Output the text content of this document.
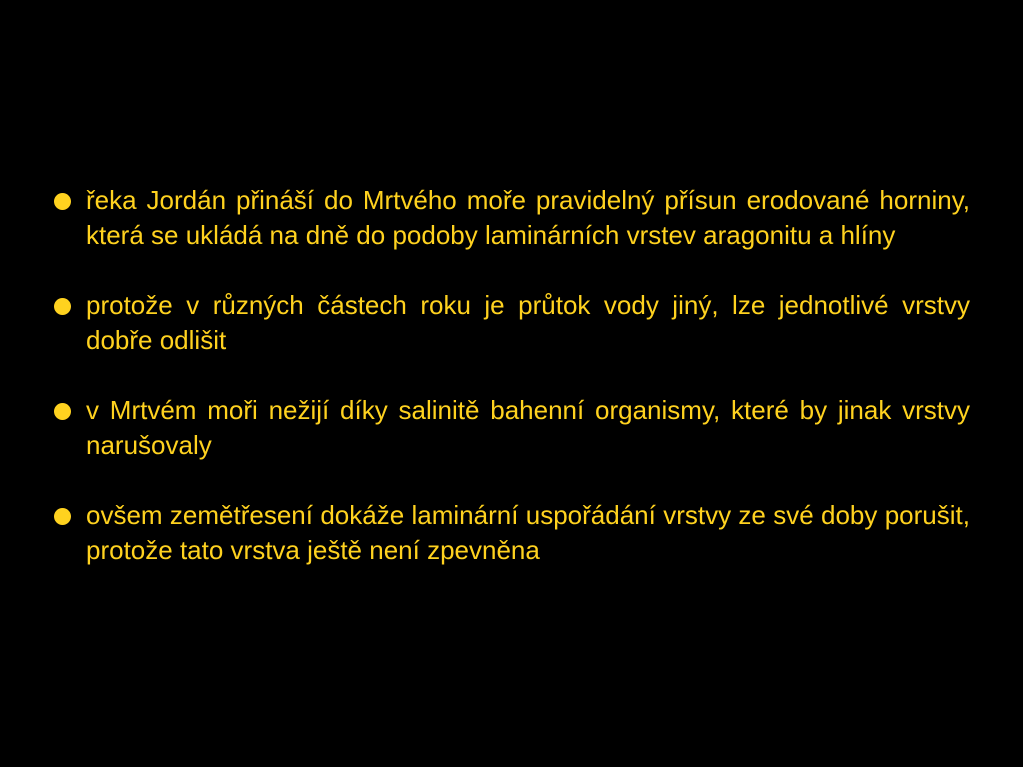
řeka Jordán přináší do Mrtvého moře pravidelný přísun erodované horniny, která se ukládá na dně do podoby laminárních vrstev aragonitu a hlíny
protože v různých částech roku je průtok vody jiný, lze jednotlivé vrstvy dobře odlišit
v Mrtvém moři nežijí díky salinitě bahenní organismy, které by jinak vrstvy narušovaly
ovšem zemětřesení dokáže laminární uspořádání vrstvy ze své doby porušit, protože tato vrstva ještě není zpevněna
